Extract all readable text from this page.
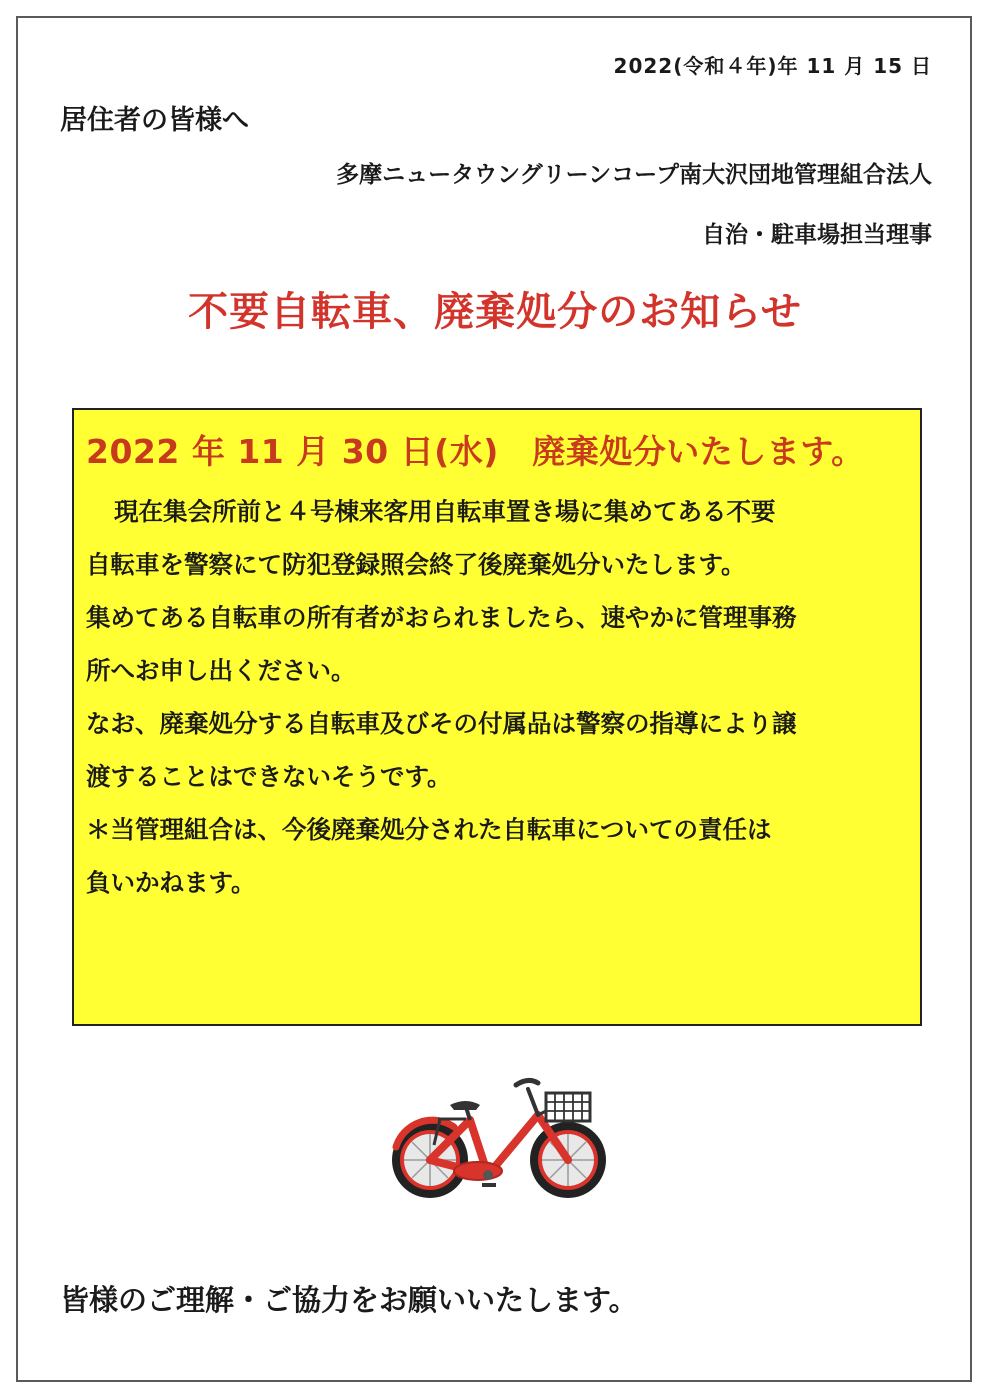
2022(令和４年)年 11 月 15 日
居住者の皆様へ
多摩ニュータウングリーンコープ南大沢団地管理組合法人
自治・駐車場担当理事
不要自転車、廃棄処分のお知らせ
2022 年 11 月 30 日(水)　廃棄処分いたします。
現在集会所前と４号棟来客用自転車置き場に集めてある不要
自転車を警察にて防犯登録照会終了後廃棄処分いたします。
集めてある自転車の所有者がおられましたら、速やかに管理事務
所へお申し出ください。
なお、廃棄処分する自転車及びその付属品は警察の指導により譲
渡することはできないそうです。
＊当管理組合は、今後廃棄処分された自転車についての責任は
負いかねます。
皆様のご理解・ご協力をお願いいたします。
